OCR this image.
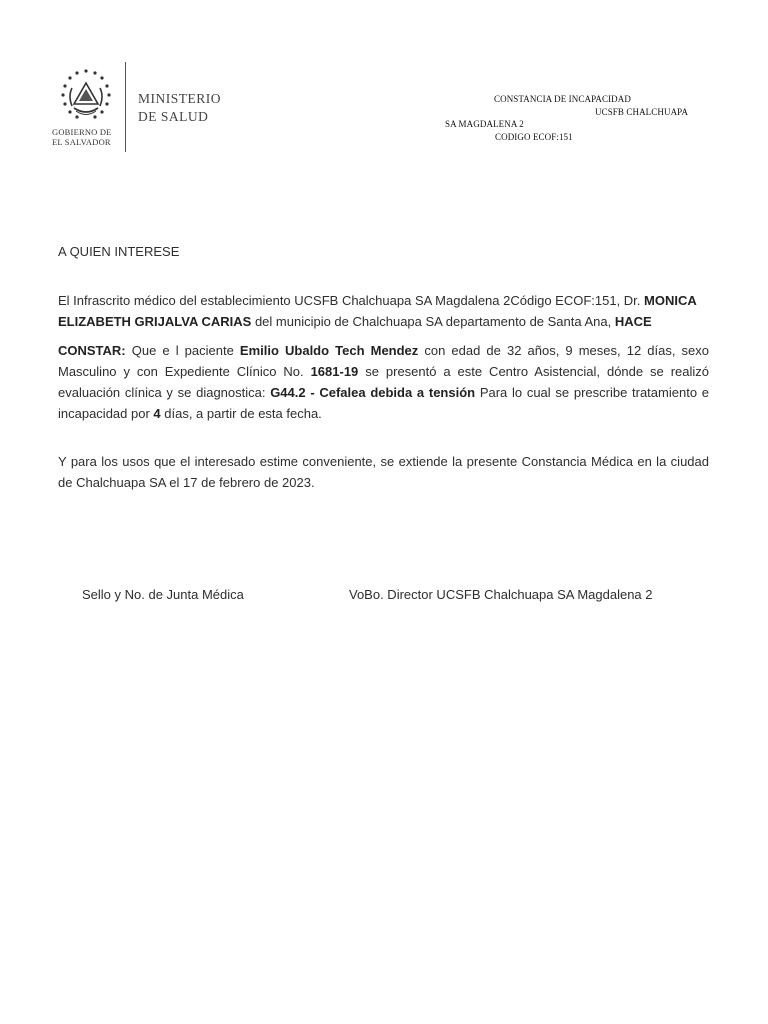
GOBIERNO DE
EL SALVADOR
MINISTERIO
DE SALUD
CONSTANCIA DE INCAPACIDAD
UCSFB CHALCHUAPA
SA MAGDALENA 2
CODIGO ECOF:151
A QUIEN INTERESE
El Infrascrito médico del establecimiento UCSFB Chalchuapa SA Magdalena 2Código ECOF:151, Dr. MONICA ELIZABETH GRIJALVA CARIAS del municipio de Chalchuapa SA departamento de Santa Ana, HACE
CONSTAR: Que e l paciente Emilio Ubaldo Tech Mendez con edad de 32 años, 9 meses, 12 días, sexo Masculino y con Expediente Clínico No. 1681-19 se presentó a este Centro Asistencial, dónde se realizó evaluación clínica y se diagnostica: G44.2 - Cefalea debida a tensión Para lo cual se prescribe tratamiento e incapacidad por 4 días, a partir de esta fecha.
Y para los usos que el interesado estime conveniente, se extiende la presente Constancia Médica en la ciudad de Chalchuapa SA el 17 de febrero de 2023.
Sello y No. de Junta Médica	VoBo. Director UCSFB Chalchuapa SA Magdalena 2
